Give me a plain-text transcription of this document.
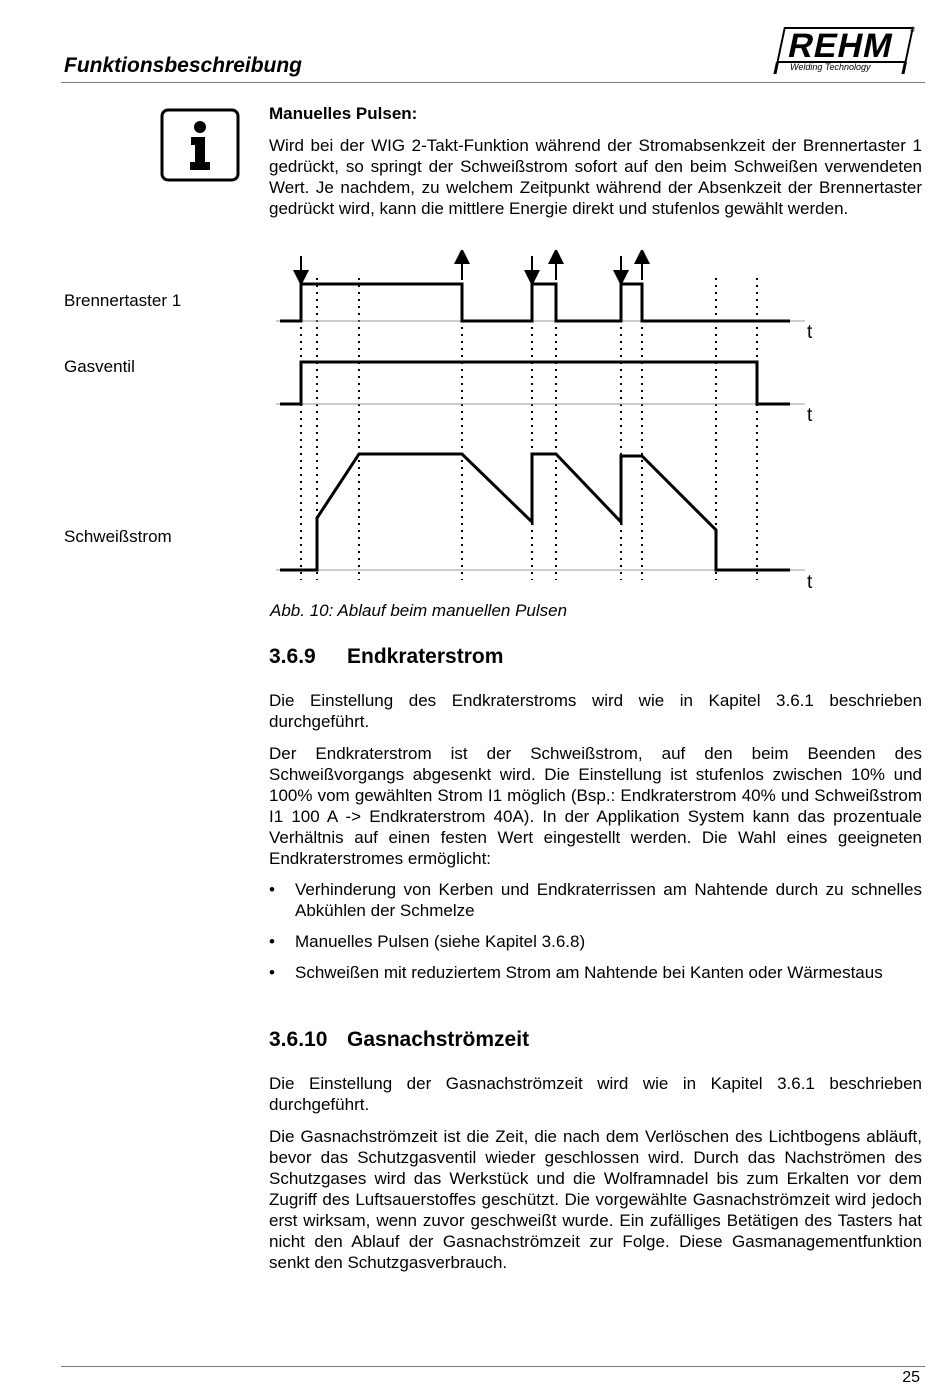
Funktionsbeschreibung
REHM
Welding Technology
®
Manuelles Pulsen:

Wird bei der WIG 2-Takt-Funktion während der Stromabsenkzeit der Brennertaster 1 gedrückt, so springt der Schweißstrom sofort auf den beim Schweißen verwendeten Wert. Je nachdem, zu welchem Zeitpunkt während der Absenkzeit der Brennertaster gedrückt wird, kann die mittlere Energie direkt und stufenlos gewählt werden.

Brennertaster 1
Gasventil
Schweißstrom
t
t
t
Abb. 10: Ablauf beim manuellen Pulsen
3.6.9 Endkraterstrom

Die Einstellung des Endkraterstroms wird wie in Kapitel 3.6.1 beschrieben durchgeführt.

Der Endkraterstrom ist der Schweißstrom, auf den beim Beenden des Schweißvorgangs abgesenkt wird. Die Einstellung ist stufenlos zwischen 10% und 100% vom gewählten Strom I1 möglich (Bsp.: Endkraterstrom 40% und Schweißstrom I1 100 A -> Endkraterstrom 40A). In der Applikation System kann das prozentuale Verhältnis auf einen festen Wert eingestellt werden. Die Wahl eines geeigneten Endkraterstromes ermöglicht:

• Verhinderung von Kerben und Endkraterrissen am Nahtende durch zu schnelles Abkühlen der Schmelze
• Manuelles Pulsen (siehe Kapitel 3.6.8)
• Schweißen mit reduziertem Strom am Nahtende bei Kanten oder Wärmestaus
3.6.10 Gasnachströmzeit

Die Einstellung der Gasnachströmzeit wird wie in Kapitel 3.6.1 beschrieben durchgeführt.

Die Gasnachströmzeit ist die Zeit, die nach dem Verlöschen des Lichtbogens abläuft, bevor das Schutzgasventil wieder geschlossen wird. Durch das Nachströmen des Schutzgases wird das Werkstück und die Wolframnadel bis zum Erkalten vor dem Zugriff des Luftsauerstoffes geschützt. Die vorgewählte Gasnachströmzeit wird jedoch erst wirksam, wenn zuvor geschweißt wurde. Ein zufälliges Betätigen des Tasters hat nicht den Ablauf der Gasnachströmzeit zur Folge. Diese Gasmanagementfunktion senkt den Schutzgasverbrauch.

25
